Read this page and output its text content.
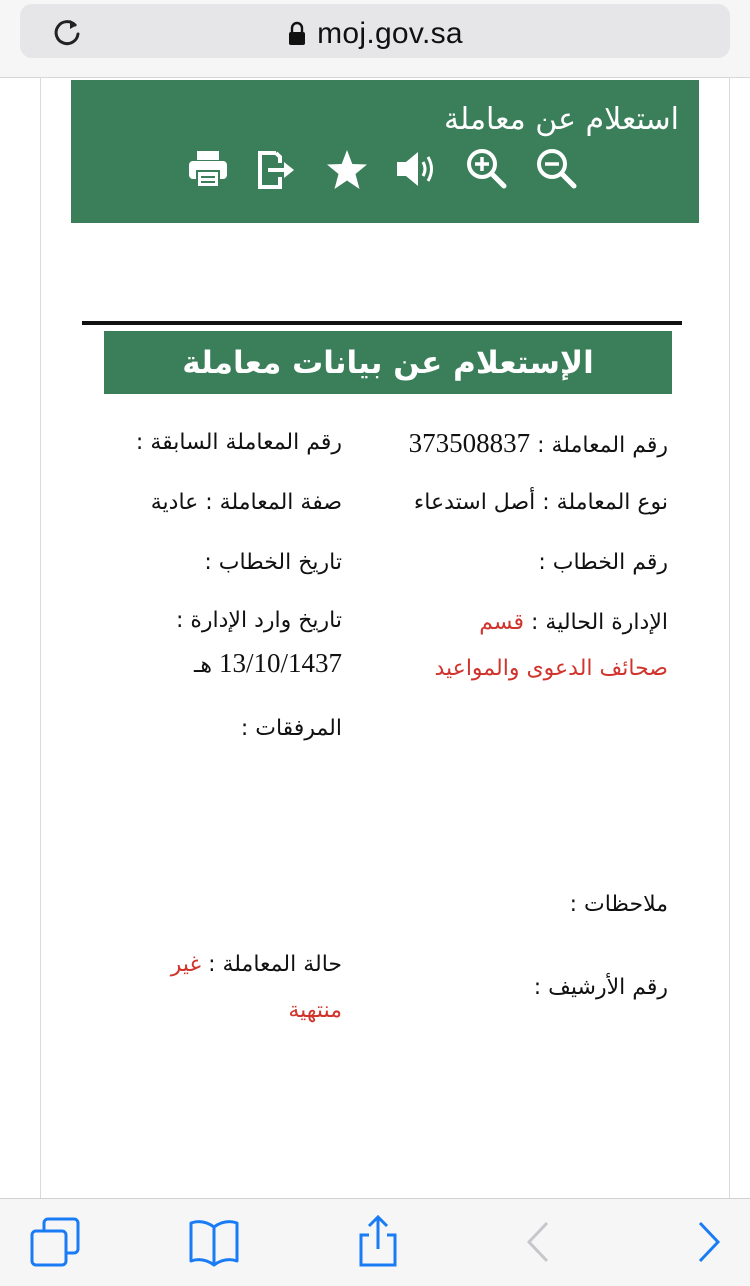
moj.gov.sa
استعلام عن معاملة
الإستعلام عن بيانات معاملة
رقم المعاملة : 373508837
نوع المعاملة : أصل استدعاء
رقم الخطاب :
الإدارة الحالية : قسم
صحائف الدعوى والمواعيد
ملاحظات :
رقم الأرشيف :
رقم المعاملة السابقة :
صفة المعاملة : عادية
تاريخ الخطاب :
تاريخ وارد الإدارة :
13/10/1437 هـ
المرفقات :
حالة المعاملة : غير
منتهية
